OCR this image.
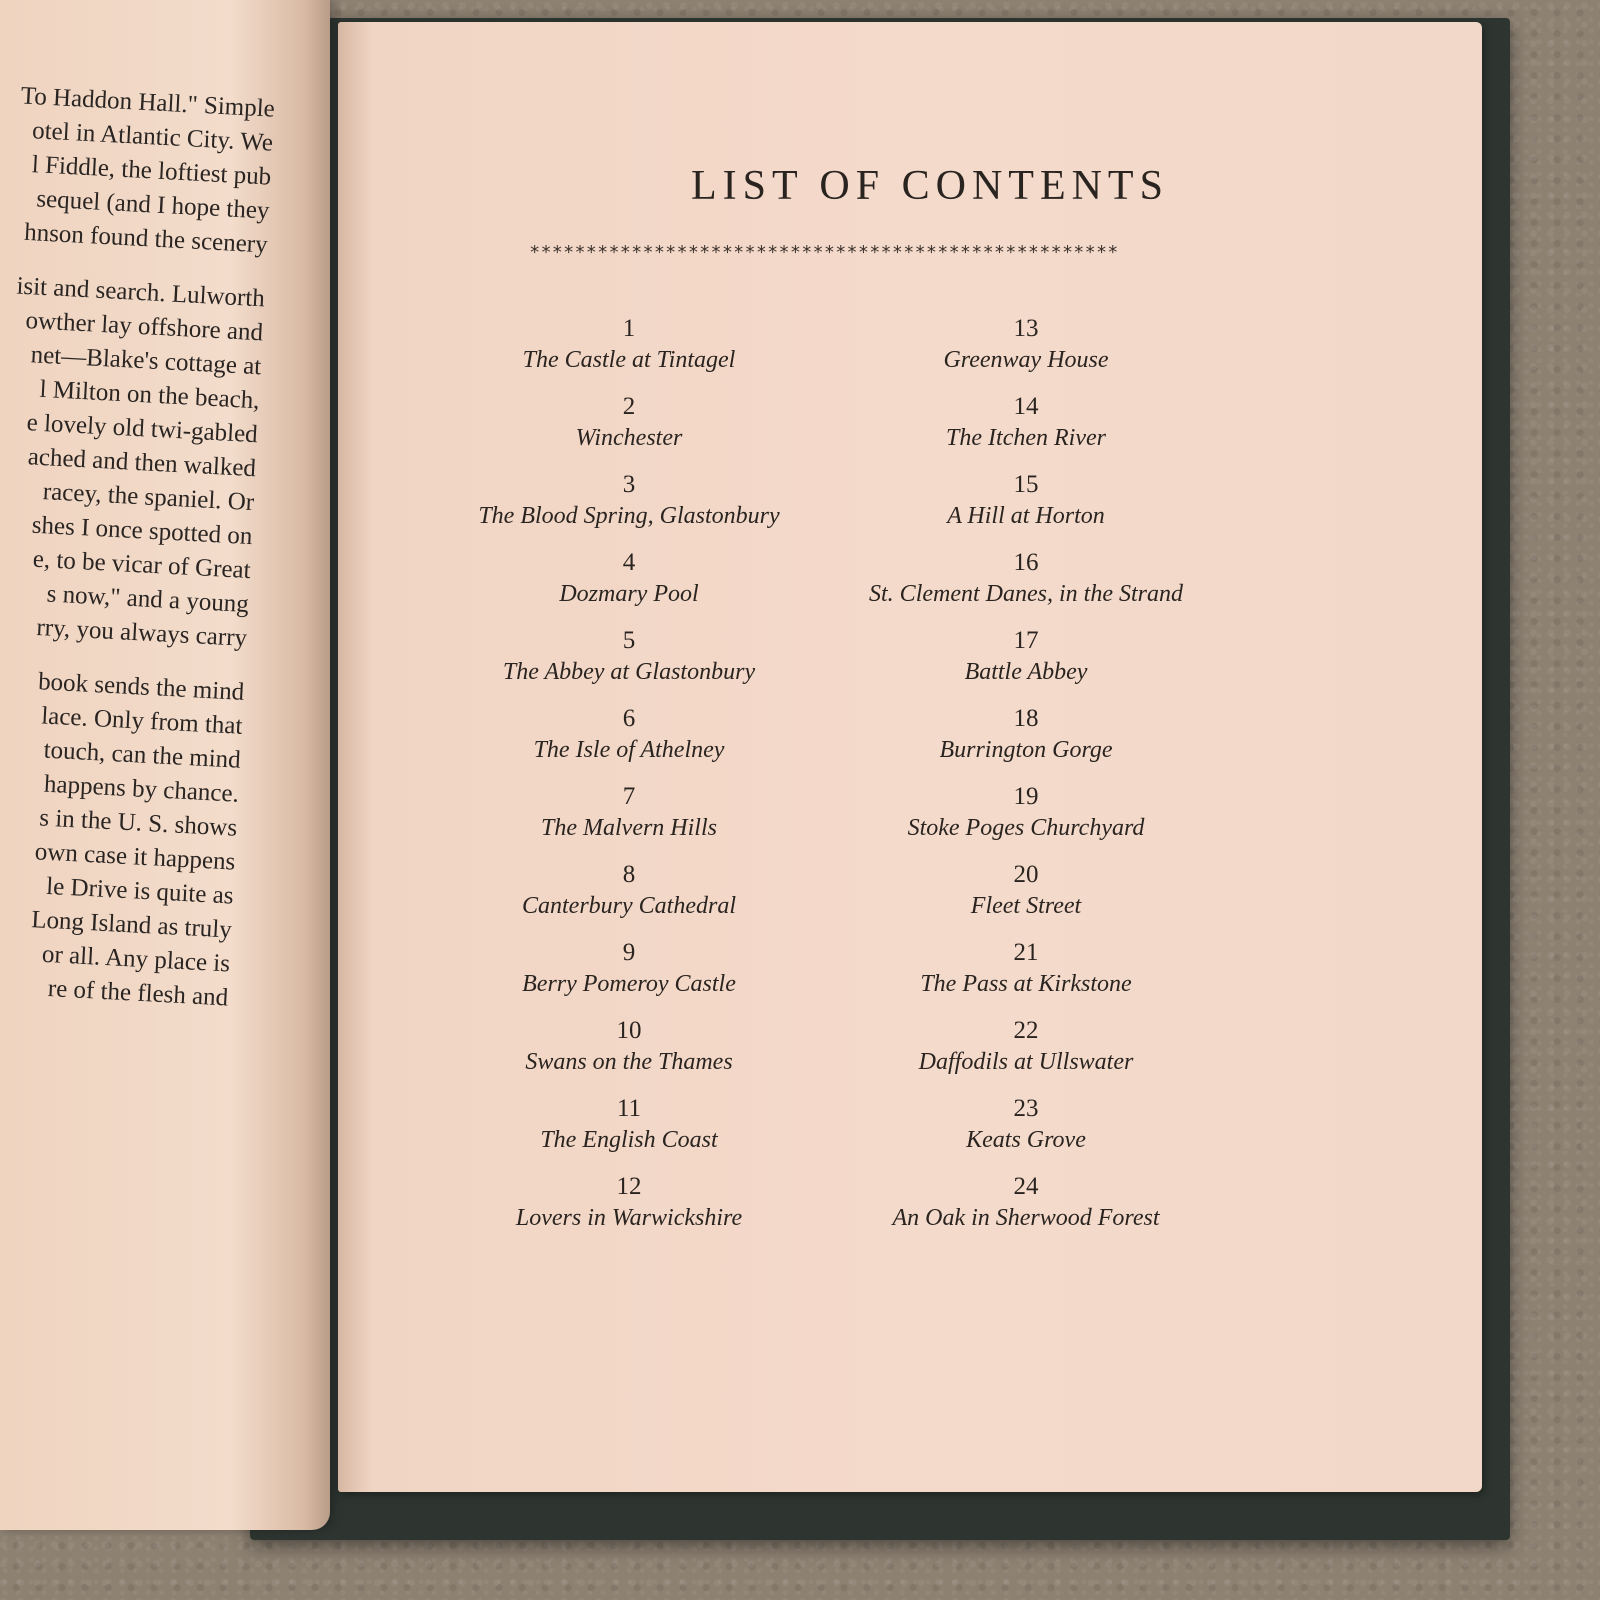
To Haddon Hall." Simple
otel in Atlantic City. We
l Fiddle, the loftiest pub
sequel (and I hope they
hnson found the scenery
isit and search. Lulworth
owther lay offshore and
net—Blake's cottage at
l Milton on the beach,
e lovely old twi-gabled
ached and then walked
racey, the spaniel. Or
shes I once spotted on
e, to be vicar of Great
s now," and a young
rry, you always carry
book sends the mind
lace. Only from that
touch, can the mind
happens by chance.
s in the U. S. shows
own case it happens
le Drive is quite as
Long Island as truly
or all. Any place is
re of the flesh and
LIST OF CONTENTS
****************************************************
1
The Castle at Tintagel
2
Winchester
3
The Blood Spring, Glastonbury
4
Dozmary Pool
5
The Abbey at Glastonbury
6
The Isle of Athelney
7
The Malvern Hills
8
Canterbury Cathedral
9
Berry Pomeroy Castle
10
Swans on the Thames
11
The English Coast
12
Lovers in Warwickshire
13
Greenway House
14
The Itchen River
15
A Hill at Horton
16
St. Clement Danes, in the Strand
17
Battle Abbey
18
Burrington Gorge
19
Stoke Poges Churchyard
20
Fleet Street
21
The Pass at Kirkstone
22
Daffodils at Ullswater
23
Keats Grove
24
An Oak in Sherwood Forest
